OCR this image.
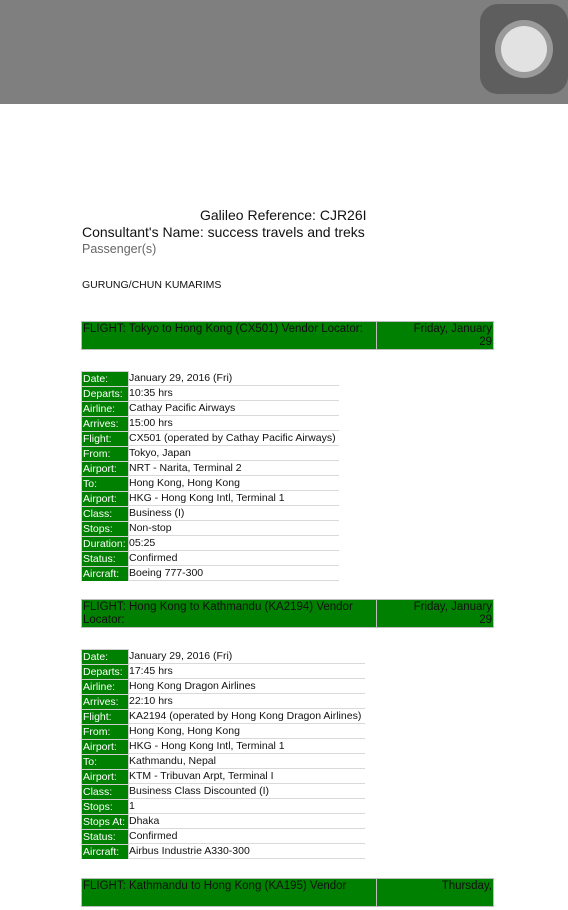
Galileo Reference: CJR26I
Consultant's Name: success travels and treks
Passenger(s)
GURUNG/CHUN KUMARIMS
FLIGHT: Tokyo to Hong Kong (CX501) Vendor Locator:	Friday, January
29
Date:	January 29, 2016 (Fri)
Departs: 10:35 hrs
Airline:	Cathay Pacific Airways
Arrives: 15:00 hrs
Flight:	CX501 (operated by Cathay Pacific Airways)
From:	Tokyo, Japan
Airport:	NRT - Narita, Terminal 2
To:	Hong Kong, Hong Kong
Airport:	HKG - Hong Kong Intl, Terminal 1
Class:	Business (I)
Stops:	Non-stop
Duration: 05:25
Status:	Confirmed
Aircraft: Boeing 777-300
FLIGHT: Hong Kong to Kathmandu (KA2194) Vendor Locator:
Friday, January
29
Date:	January 29, 2016 (Fri)
Departs: 17:45 hrs
Airline:	Hong Kong Dragon Airlines
Arrives: 22:10 hrs
Flight:	KA2194 (operated by Hong Kong Dragon Airlines)
From:	Hong Kong, Hong Kong
Airport:	HKG - Hong Kong Intl, Terminal 1
To:	Kathmandu, Nepal
Airport:	KTM - Tribuvan Arpt, Terminal I
Class:	Business Class Discounted (I)
Stops:	1
Stops At: Dhaka
Status:	Confirmed
Aircraft: Airbus Industrie A330-300
FLIGHT: Kathmandu to Hong Kong (KA195) Vendor	Thursday,
